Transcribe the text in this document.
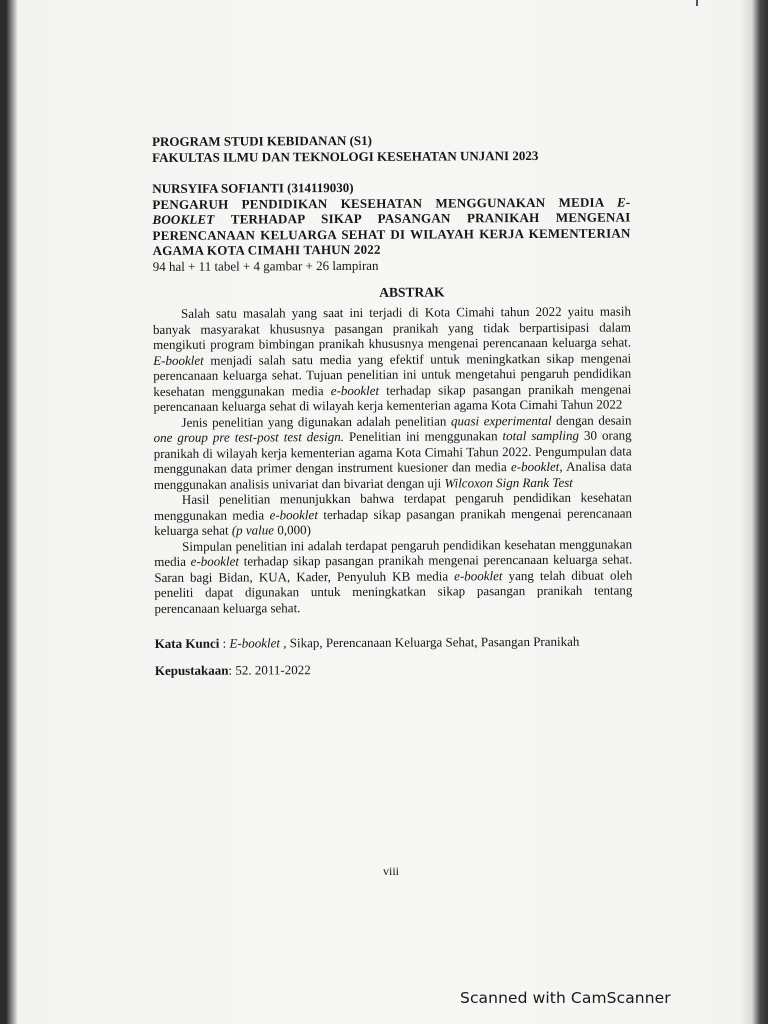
PROGRAM STUDI KEBIDANAN (S1)

FAKULTAS ILMU DAN TEKNOLOGI KESEHATAN UNJANI 2023

NURSYIFA SOFIANTI (314119030)

PENGARUH PENDIDIKAN KESEHATAN MENGGUNAKAN MEDIA E-BOOKLET TERHADAP SIKAP PASANGAN PRANIKAH MENGENAI PERENCANAAN KELUARGA SEHAT DI WILAYAH KERJA KEMENTERIAN AGAMA KOTA CIMAHI TAHUN 2022
94 hal + 11 tabel + 4 gambar + 26 lampiran
ABSTRAK

Salah satu masalah yang saat ini terjadi di Kota Cimahi tahun 2022 yaitu masih banyak masyarakat khususnya pasangan pranikah yang tidak berpartisipasi dalam mengikuti program bimbingan pranikah khususnya mengenai perencanaan keluarga sehat. E-booklet menjadi salah satu media yang efektif untuk meningkatkan sikap mengenai perencanaan keluarga sehat. Tujuan penelitian ini untuk mengetahui pengaruh pendidikan kesehatan menggunakan media e-booklet terhadap sikap pasangan pranikah mengenai perencanaan keluarga sehat di wilayah kerja kementerian agama Kota Cimahi Tahun 2022

Jenis penelitian yang digunakan adalah penelitian quasi experimental dengan desain one group pre test-post test design. Penelitian ini menggunakan total sampling 30 orang pranikah di wilayah kerja kementerian agama Kota Cimahi Tahun 2022. Pengumpulan data menggunakan data primer dengan instrument kuesioner dan media e-booklet, Analisa data menggunakan analisis univariat dan bivariat dengan uji Wilcoxon Sign Rank Test

Hasil penelitian menunjukkan bahwa terdapat pengaruh pendidikan kesehatan menggunakan media e-booklet terhadap sikap pasangan pranikah mengenai perencanaan keluarga sehat (p value 0,000)

Simpulan penelitian ini adalah terdapat pengaruh pendidikan kesehatan menggunakan media e-booklet terhadap sikap pasangan pranikah mengenai perencanaan keluarga sehat. Saran bagi Bidan, KUA, Kader, Penyuluh KB media e-booklet yang telah dibuat oleh peneliti dapat digunakan untuk meningkatkan sikap pasangan pranikah tentang perencanaan keluarga sehat.

Kata Kunci : E-booklet , Sikap, Perencanaan Keluarga Sehat, Pasangan Pranikah
Kepustakaan: 52. 2011-2022
viii
Scanned with CamScanner
